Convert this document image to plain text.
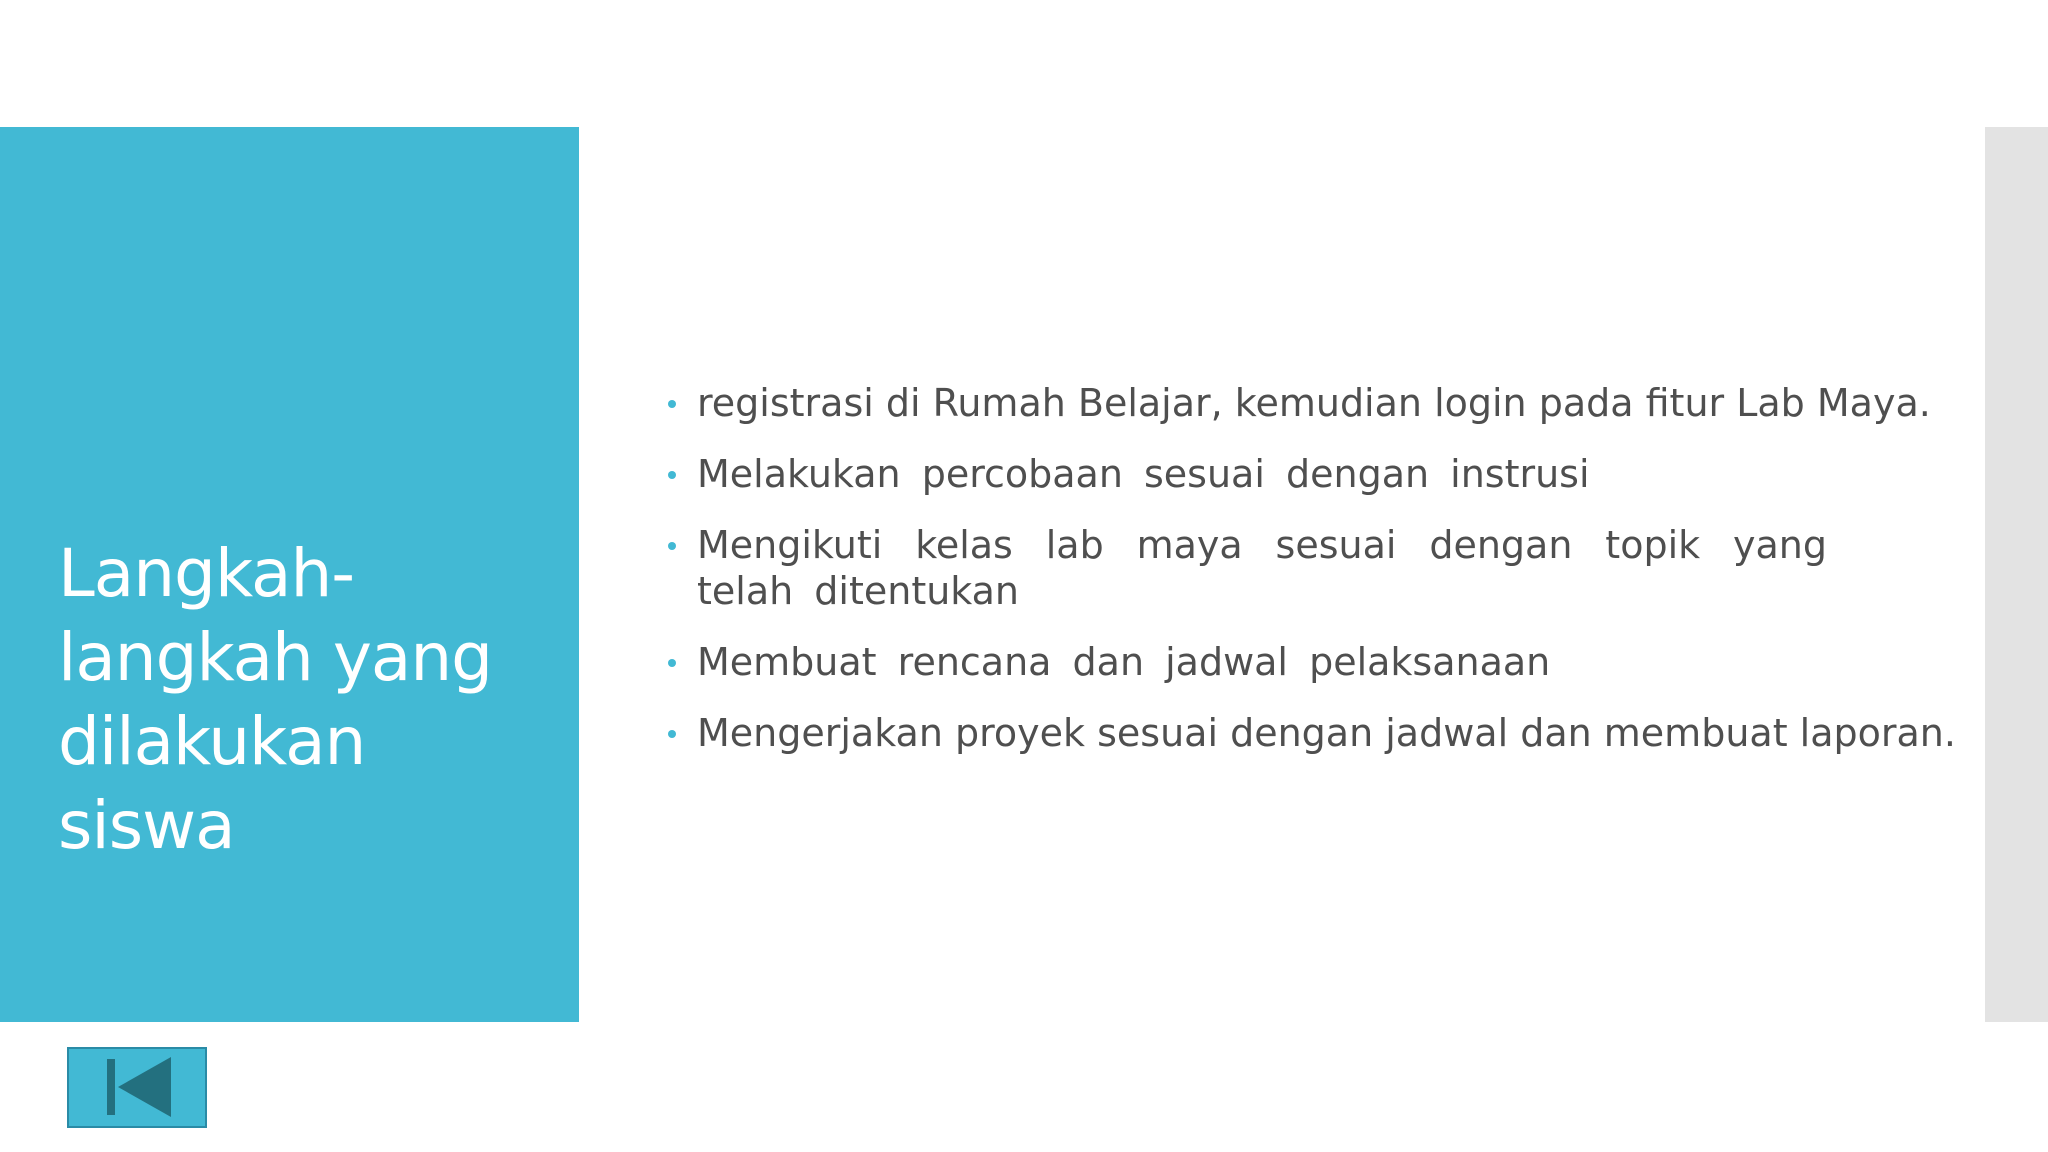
Langkah-
langkah yang
dilakukan
siswa
registrasi di Rumah Belajar, kemudian login pada fitur Lab Maya.
Melakukan percobaan sesuai dengan instrusi
Mengikuti kelas lab maya sesuai dengan topik yang telah ditentukan
Membuat rencana dan jadwal pelaksanaan
Mengerjakan proyek sesuai dengan jadwal dan membuat laporan.
